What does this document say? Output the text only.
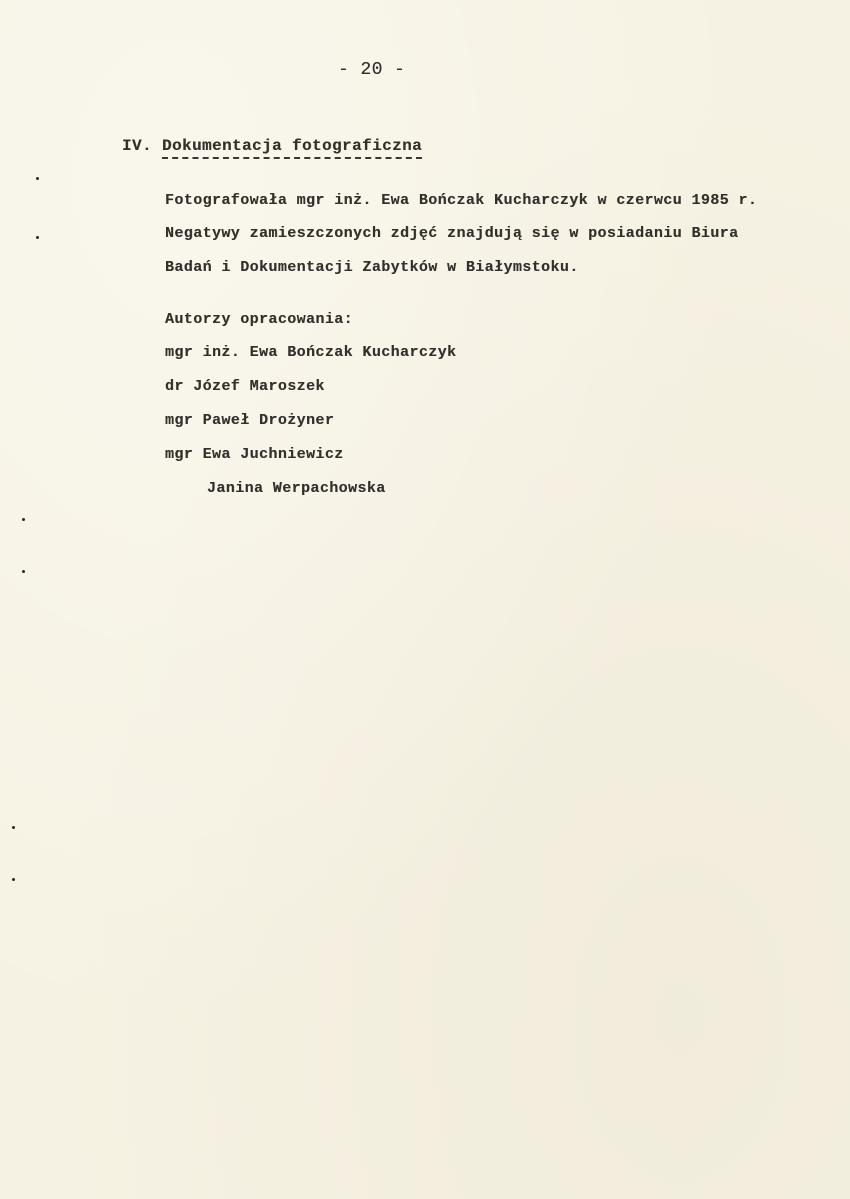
- 20 -
IV. Dokumentacja fotograficzna
Fotografowała mgr inż. Ewa Bończak Kucharczyk w czerwcu 1985 r.
Negatywy zamieszczonych zdjęć znajdują się w posiadaniu Biura
Badań i Dokumentacji Zabytków w Białymstoku.
Autorzy opracowania:
mgr inż. Ewa Bończak Kucharczyk
dr Józef Maroszek
mgr Paweł Drożyner
mgr Ewa Juchniewicz
Janina Werpachowska
